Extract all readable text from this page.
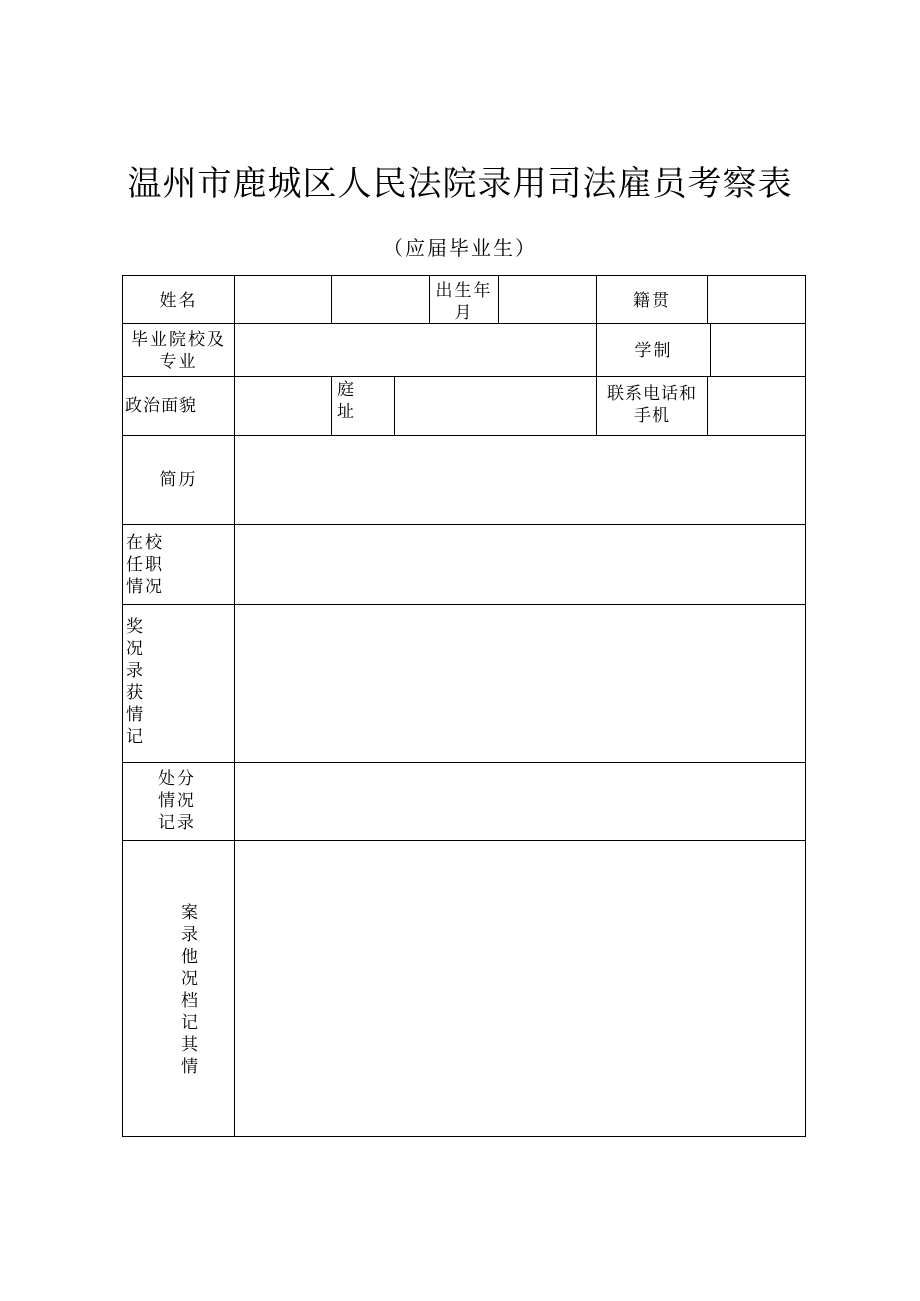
温州市鹿城区人民法院录用司法雇员考察表
（应届毕业生）
姓名	出生年
月
籍贯
毕业院校及
专业
学制
政治面貌
庭
址
联系电话和
手机
简历
在校
任职
情况
奖
况
录
获
情
记
处分
情况
记录
案
录
他
况
档
记
其
情
